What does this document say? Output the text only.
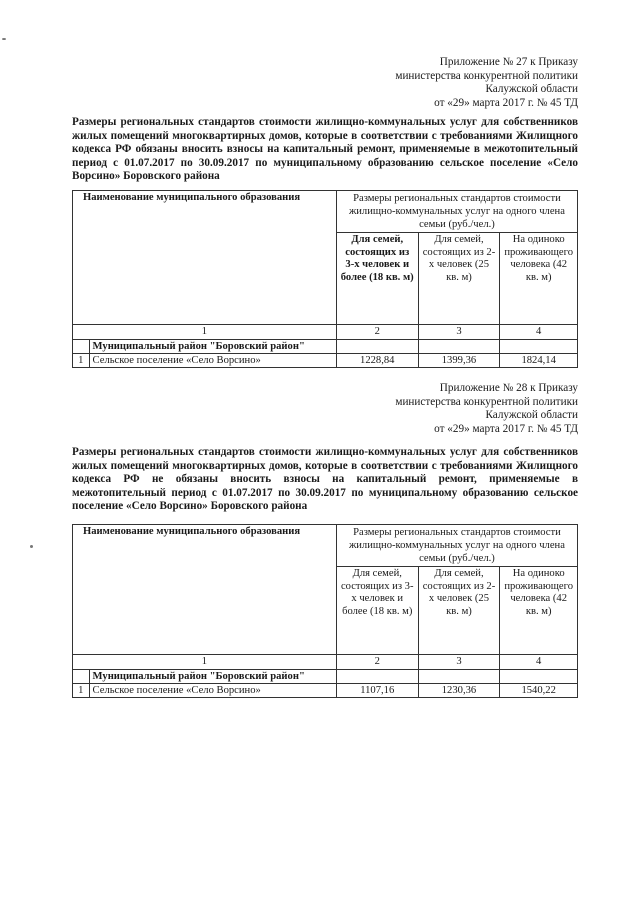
Приложение № 27 к Приказу
министерства конкурентной политики
Калужской области
от «29» марта 2017 г. № 45 ТД
Размеры региональных стандартов стоимости жилищно-коммунальных услуг для собственников жилых помещений многоквартирных домов, которые в соответствии с требованиями Жилищного кодекса РФ обязаны вносить взносы на капитальный ремонт, применяемые в межотопительный период с 01.07.2017 по 30.09.2017 по муниципальному образованию сельское поселение «Село Ворсино» Боровского района
Наименование муниципального образования		Размеры региональных стандартов стоимости жилищно-коммунальных услуг на одного члена семьи (руб./чел.)		
		Для семей, состоящих из 3-х человек и более (18 кв. м)	Для семей, состоящих из 2-х человек (25 кв. м)	На одиноко проживающего человека (42 кв. м)
1		2	3	4
	Муниципальный район "Боровский район"			
1	Сельское поселение «Село Ворсино»	1228,84	1399,36	1824,14
Приложение № 28 к Приказу
министерства конкурентной политики
Калужской области
от «29» марта 2017 г. № 45 ТД
Размеры региональных стандартов стоимости жилищно-коммунальных услуг для собственников жилых помещений многоквартирных домов, которые в соответствии с требованиями Жилищного кодекса РФ не обязаны вносить взносы на капитальный ремонт, применяемые в межотопительный период с 01.07.2017 по 30.09.2017 по муниципальному образованию сельское поселение «Село Ворсино» Боровского района
Наименование муниципального образования		Размеры региональных стандартов стоимости жилищно-коммунальных услуг на одного члена семьи (руб./чел.)		
		Для семей, состоящих из 3-х человек и более (18 кв. м)	Для семей, состоящих из 2-х человек (25 кв. м)	На одиноко проживающего человека (42 кв. м)
1		2	3	4
	Муниципальный район "Боровский район"			
1	Сельское поселение «Село Ворсино»	1107,16	1230,36	1540,22
